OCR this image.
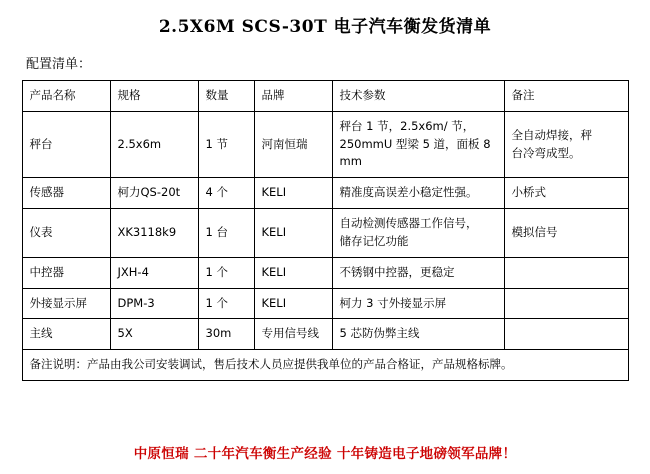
2.5X6M SCS-30T 电子汽车衡发货清单
配置清单：
产品名称	规格	数量	品牌	技术参数	备注
秤台	2.5x6m	1 节	河南恒瑞	秤台 1 节，2.5x6m/ 节，
250mmU 型梁 5 道，面板 8mm	全自动焊接，秤
台冷弯成型。

传感器	柯力QS-20t	4 个	KELI	精准度高误差小稳定性强。	小桥式
仪表	XK3118k9	1 台	KELI	自动检测传感器工作信号，
储存记忆功能	模拟信号
中控器	JXH-4	1 个	KELI	不锈钢中控器，更稳定	
外接显示屏	DPM-3	1 个	KELI	柯力 3 寸外接显示屏	
主线	5X	30m	专用信号线	5 芯防伪弊主线	
备注说明：产品由我公司安装调试，售后技术人员应提供我单位的产品合格证，产品规格标牌。					
中原恒瑞 二十年汽车衡生产经验 十年铸造电子地磅领军品牌！
